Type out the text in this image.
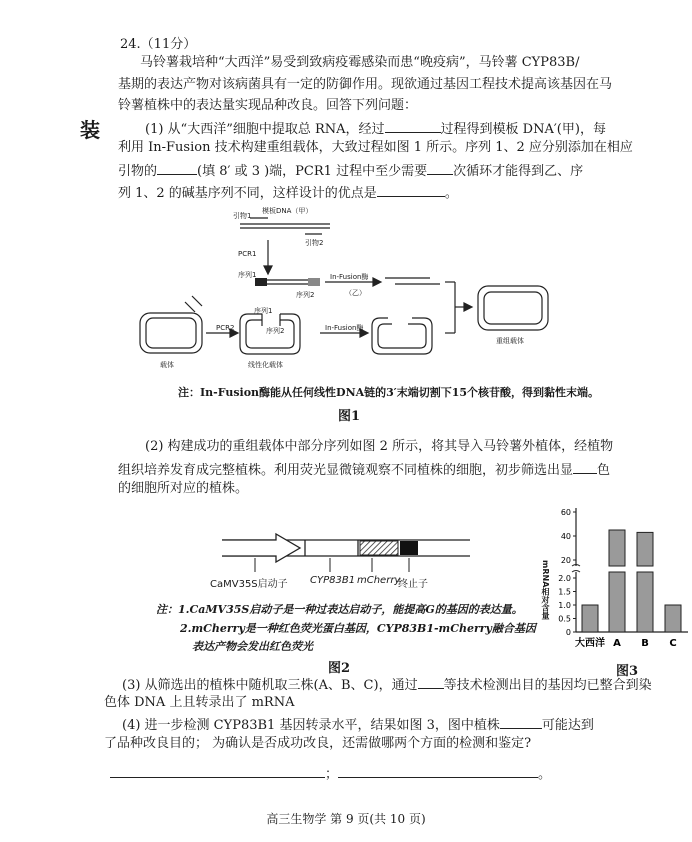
24.（11分）
马铃薯栽培种“大西洋”易受到致病疫霉感染而患“晚疫病”，马铃薯 CYP83B/
基期的表达产物对该病菌具有一定的防御作用。现欲通过基因工程技术提高该基因在马
铃薯植株中的表达量实现品种改良。回答下列问题：
装	(1) 从“大西洋”细胞中提取总 RNA，经过	过程得到模板 DNA′(甲)，每
利用 In-Fusion 技术构建重组载体，大致过程如图 1 所示。序列 1、2 应分别添加在相应
引物的	(填 8′ 或 3 )端，PCR1 过程中至少需要 次循环才能得到乙、序
列 1、2 的碱基序列不同，这样设计的优点是	。
模板DNA（甲）
引物1
引物2
PCR1
序列1
序列2
In-Fusion酶
（乙）
PCR2
序列1
序列2	In-Fusion酶
载体	线性化载体
重组载体
注：In-Fusion酶能从任何线性DNA链的3′末端切割下15个核苷酸，得到黏性末端。
图1
(2) 构建成功的重组载体中部分序列如图 2 所示，将其导入马铃薯外植体，经植物
组织培养发育成完整植株。利用荧光显微镜观察不同植株的细胞，初步筛选出显 色
的细胞所对应的植株。
CaMV35S启动子 CYP83B1 mCherry
终止子
注：1.CaMV35S启动子是一种过表达启动子，能提高G的基因的表达量。
2.mCherry是一种红色荧光蛋白基因，CYP83B1-mCherry融合基因
表达产物会发出红色荧光
图2
60
40
20
2.0
1.5
1.0
0.5
0
大西洋 A B C
mRNA相对含量
图3
(3) 从筛选出的植株中随机取三株(A、B、C)，通过 等技术检测出目的基因均已整合到染
色体 DNA 上且转录出了 mRNA
(4) 进一步检测 CYP83B1 基因转录水平，结果如图 3，图中植株	可能达到
了品种改良目的； 为确认是否成功改良，还需做哪两个方面的检测和鉴定?
；	。
高三生物学 第 9 页(共 10 页)
